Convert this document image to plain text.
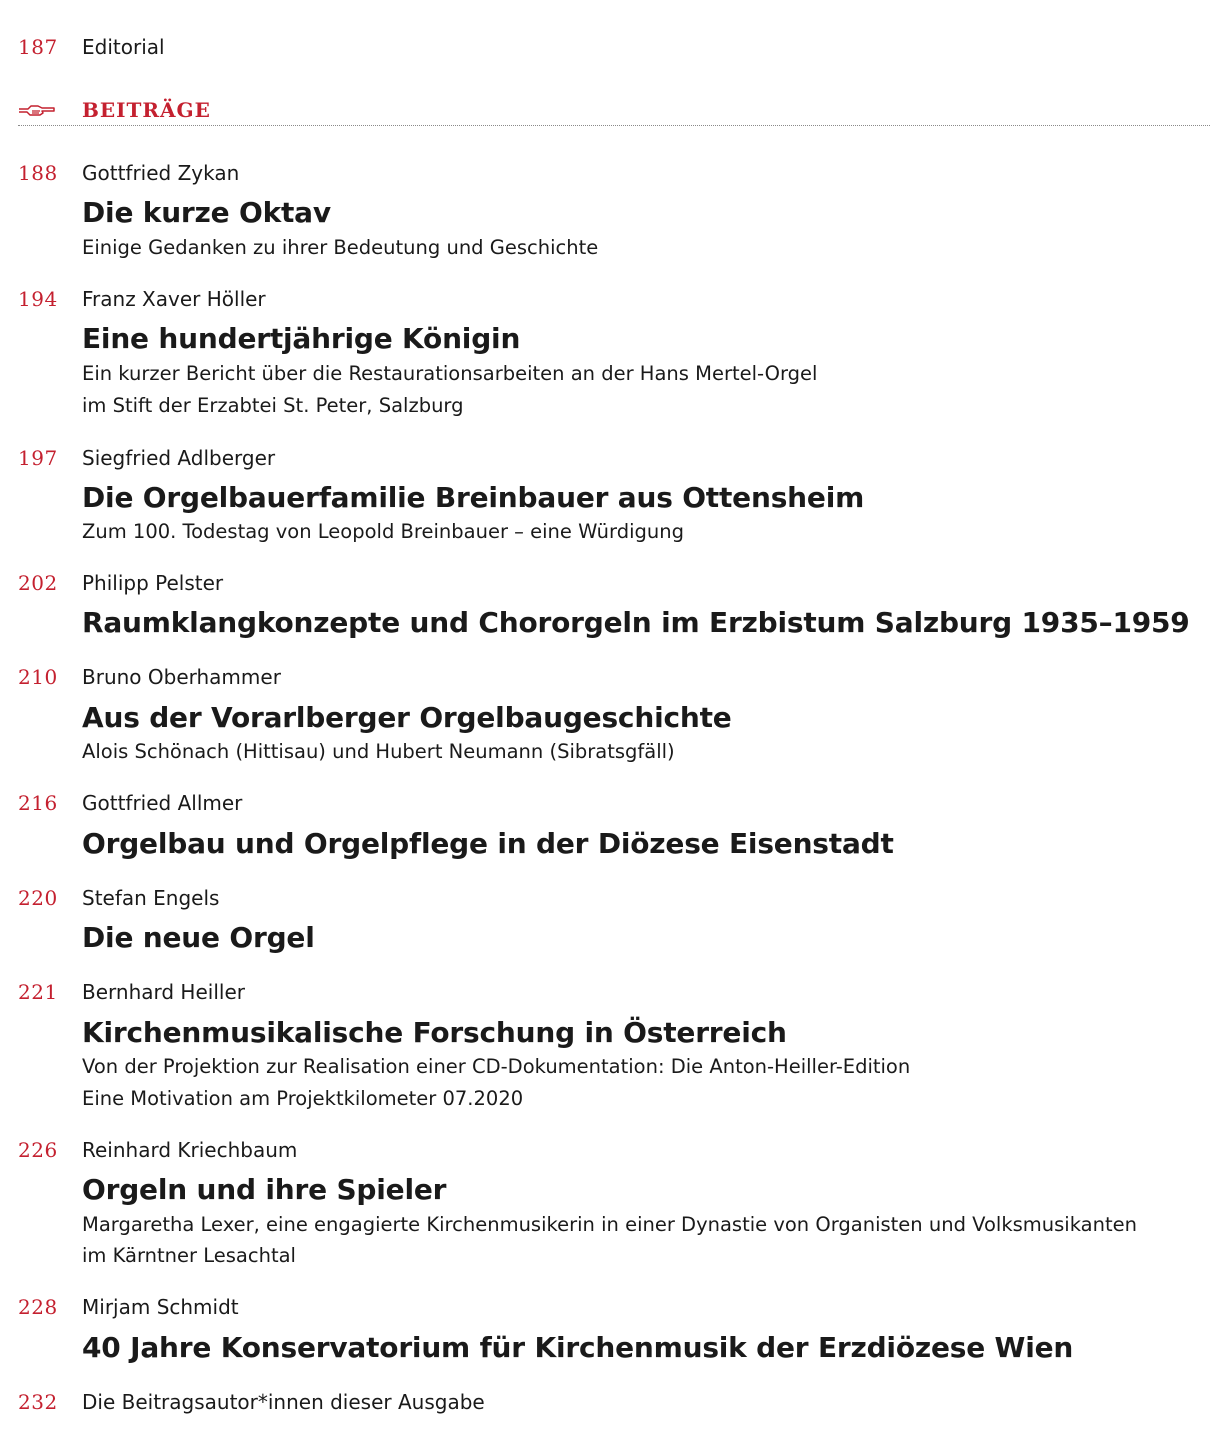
187 Editorial
BEITRÄGE
188 Gottfried Zykan
Die kurze Oktav
Einige Gedanken zu ihrer Bedeutung und Geschichte
194 Franz Xaver Höller
Eine hundertjährige Königin
Ein kurzer Bericht über die Restaurationsarbeiten an der Hans Mertel-Orgel
im Stift der Erzabtei St. Peter, Salzburg
197 Siegfried Adlberger
Die Orgelbauerfamilie Breinbauer aus Ottensheim
Zum 100. Todestag von Leopold Breinbauer – eine Würdigung
202 Philipp Pelster
Raumklangkonzepte und Chororgeln im Erzbistum Salzburg 1935–1959
210 Bruno Oberhammer
Aus der Vorarlberger Orgelbaugeschichte
Alois Schönach (Hittisau) und Hubert Neumann (Sibratsgfäll)
216 Gottfried Allmer
Orgelbau und Orgelpflege in der Diözese Eisenstadt
220 Stefan Engels
Die neue Orgel
221 Bernhard Heiller
Kirchenmusikalische Forschung in Österreich
Von der Projektion zur Realisation einer CD-Dokumentation: Die Anton-Heiller-Edition
Eine Motivation am Projektkilometer 07.2020
226 Reinhard Kriechbaum
Orgeln und ihre Spieler
Margaretha Lexer, eine engagierte Kirchenmusikerin in einer Dynastie von Organisten und Volksmusikanten
im Kärntner Lesachtal
228 Mirjam Schmidt
40 Jahre Konservatorium für Kirchenmusik der Erzdiözese Wien
232 Die Beitragsautor*innen dieser Ausgabe
